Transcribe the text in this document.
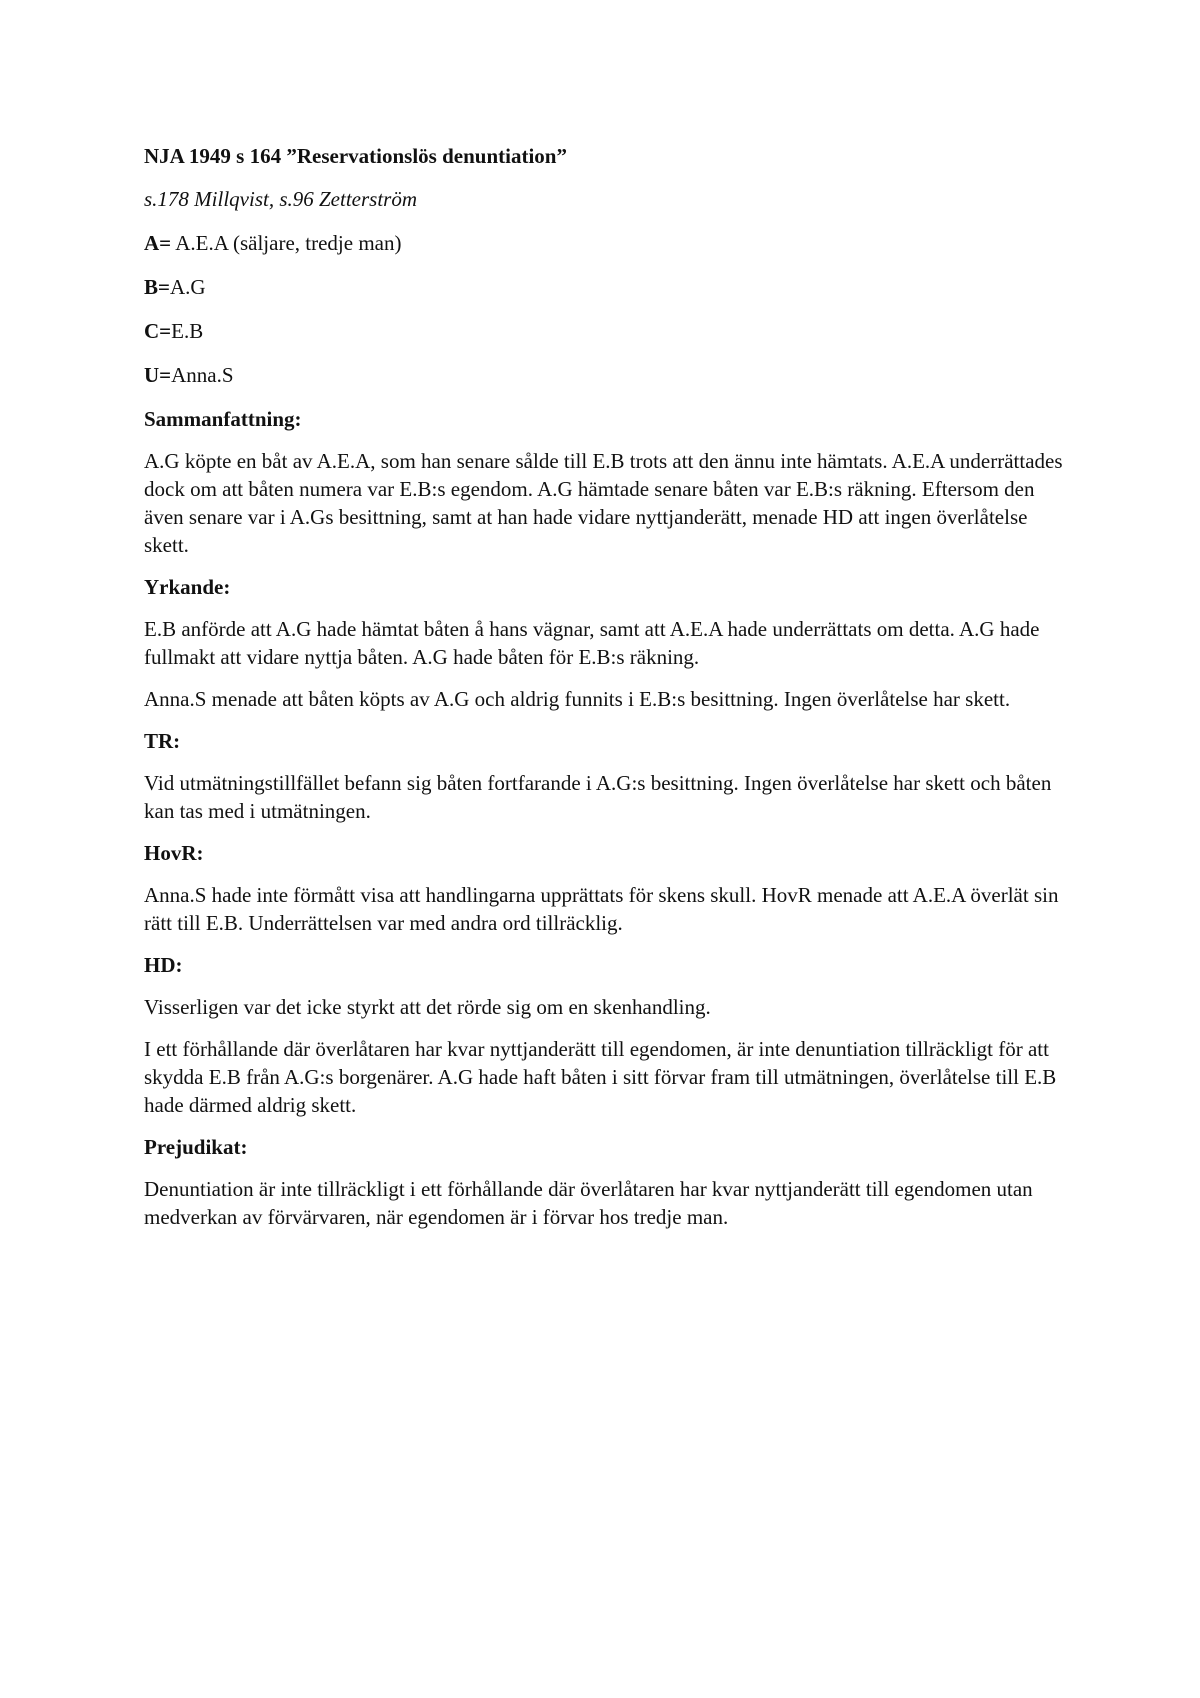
NJA 1949 s 164 ”Reservationslös denuntiation”
s.178 Millqvist, s.96 Zetterström
A= A.E.A (säljare, tredje man)
B=A.G
C=E.B
U=Anna.S
Sammanfattning:
A.G köpte en båt av A.E.A, som han senare sålde till E.B trots att den ännu inte hämtats. A.E.A underrättades dock om att båten numera var E.B:s egendom. A.G hämtade senare båten var E.B:s räkning. Eftersom den även senare var i A.Gs besittning, samt at han hade vidare nyttjanderätt, menade HD att ingen överlåtelse skett.
Yrkande:
E.B anförde att A.G hade hämtat båten å hans vägnar, samt att A.E.A hade underrättats om detta. A.G hade fullmakt att vidare nyttja båten. A.G hade båten för E.B:s räkning.
Anna.S menade att båten köpts av A.G och aldrig funnits i E.B:s besittning. Ingen överlåtelse har skett.
TR:
Vid utmätningstillfället befann sig båten fortfarande i A.G:s besittning. Ingen överlåtelse har skett och båten kan tas med i utmätningen.
HovR:
Anna.S hade inte förmått visa att handlingarna upprättats för skens skull. HovR menade att A.E.A överlät sin rätt till E.B. Underrättelsen var med andra ord tillräcklig.
HD:
Visserligen var det icke styrkt att det rörde sig om en skenhandling.
I ett förhållande där överlåtaren har kvar nyttjanderätt till egendomen, är inte denuntiation tillräckligt för att skydda E.B från A.G:s borgenärer. A.G hade haft båten i sitt förvar fram till utmätningen, överlåtelse till E.B hade därmed aldrig skett.
Prejudikat:
Denuntiation är inte tillräckligt i ett förhållande där överlåtaren har kvar nyttjanderätt till egendomen utan medverkan av förvärvaren, när egendomen är i förvar hos tredje man.
